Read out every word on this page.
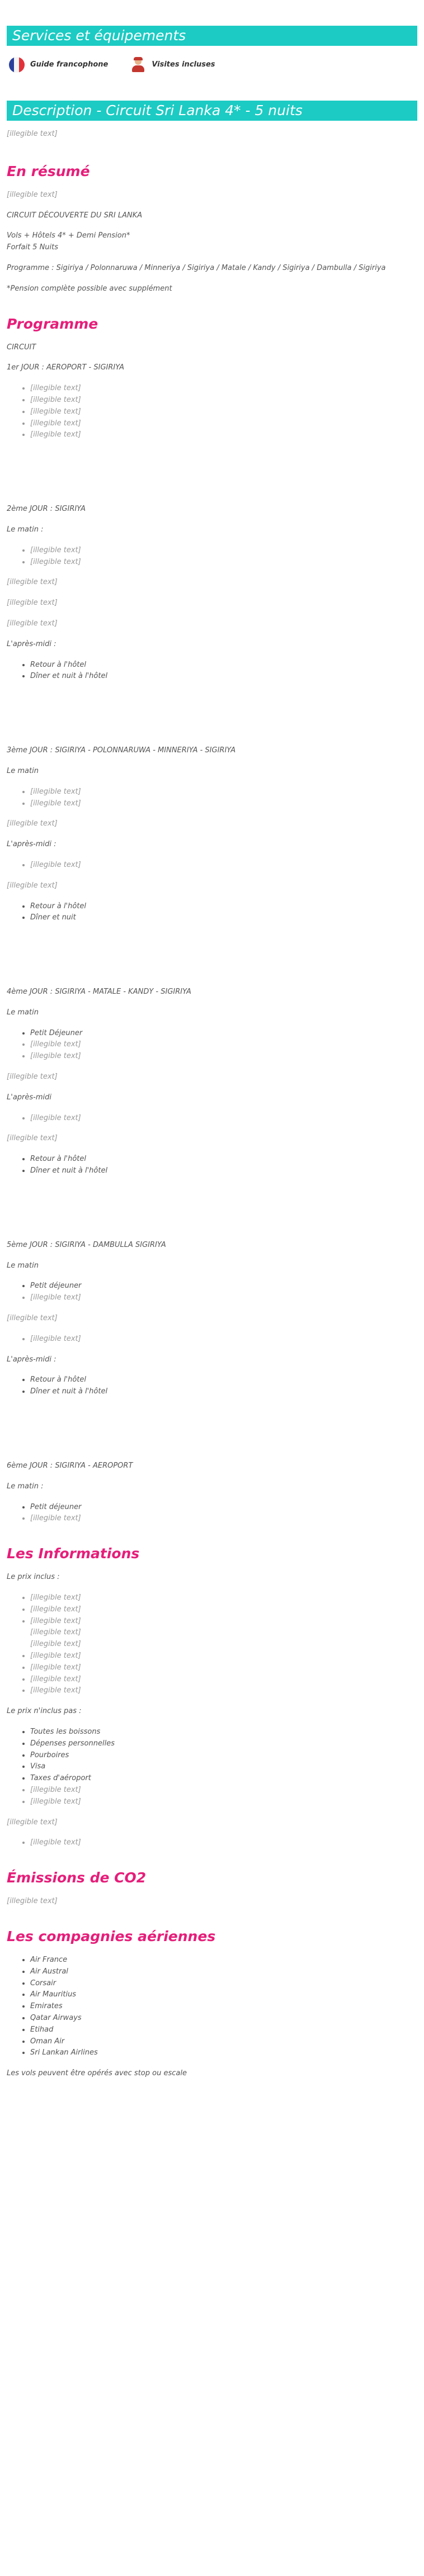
Services et équipements
Guide francophone	Visites incluses
Description - Circuit Sri Lanka 4* - 5 nuits

[illegible text]

En résumé

[illegible text]

CIRCUIT DÉCOUVERTE DU SRI LANKA

Vols + Hôtels 4* + Demi Pension*
Forfait 5 Nuits

Programme : Sigiriya / Polonnaruwa / Minneriya / Sigiriya / Matale / Kandy / Sigiriya / Dambulla / Sigiriya

*Pension complète possible avec supplément

Programme

CIRCUIT

1er JOUR : AEROPORT - SIGIRIYA

• [illegible text]
• [illegible text]
• [illegible text]
• [illegible text]
• [illegible text]

2ème JOUR : SIGIRIYA

Le matin :

• [illegible text]
• [illegible text]

[illegible text]

[illegible text]

[illegible text]

L'après-midi :

• Retour à l'hôtel
• Dîner et nuit à l'hôtel

3ème JOUR : SIGIRIYA - POLONNARUWA - MINNERIYA - SIGIRIYA

Le matin

• [illegible text]
• [illegible text]

[illegible text]

L'après-midi :

• [illegible text]

[illegible text]

• Retour à l'hôtel
• Dîner et nuit

4ème JOUR : SIGIRIYA - MATALE - KANDY - SIGIRIYA

Le matin

• Petit Déjeuner
• [illegible text]
• [illegible text]

[illegible text]

L'après-midi

• [illegible text]

[illegible text]

• Retour à l'hôtel
• Dîner et nuit à l'hôtel

5ème JOUR : SIGIRIYA - DAMBULLA SIGIRIYA

Le matin

• Petit déjeuner
• [illegible text]

[illegible text]

• [illegible text]

L'après-midi :

• Retour à l'hôtel
• Dîner et nuit à l'hôtel

6ème JOUR : SIGIRIYA - AEROPORT

Le matin :

• Petit déjeuner
• [illegible text]
Les Informations

Le prix inclus :

• [illegible text]
• [illegible text]
• [illegible text]
[illegible text]
[illegible text]
• [illegible text]
• [illegible text]
• [illegible text]
• [illegible text]

Le prix n'inclus pas :

• Toutes les boissons
• Dépenses personnelles
• Pourboires
• Visa
• Taxes d'aéroport
• [illegible text]
• [illegible text]

[illegible text]

• [illegible text]
Émissions de CO2

[illegible text]

Les compagnies aériennes
• Air France
• Air Austral
• Corsair
• Air Mauritius
• Emirates
• Qatar Airways
• Etihad
• Oman Air
• Sri Lankan Airlines

Les vols peuvent être opérés avec stop ou escale
